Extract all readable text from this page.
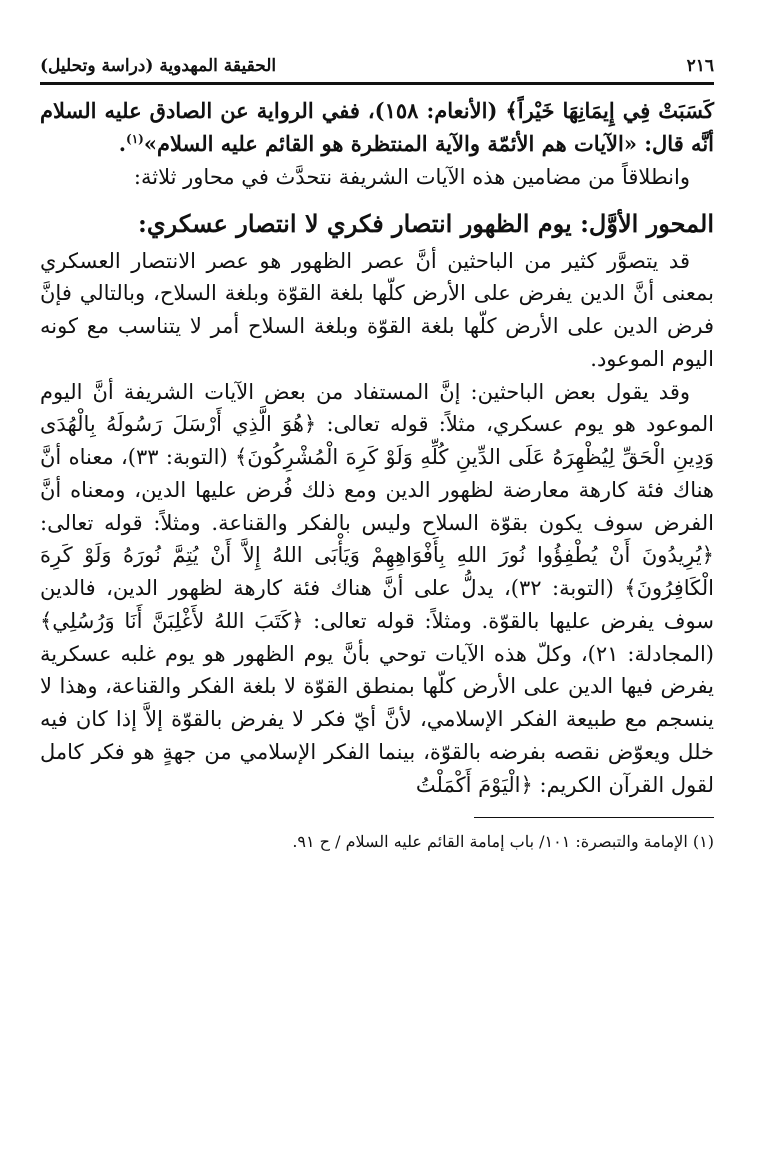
٢١٦
الحقيقة المهدوية (دراسة وتحليل)

كَسَبَتْ فِي إِيمَانِهَا خَيْراً﴾ (الأنعام: ١٥٨)، ففي الرواية عن الصادق عليه السلام أنَّه قال: «الآيات هم الأئمّة والآية المنتظرة هو القائم عليه السلام»$^{(١)}$.

وانطلاقاً من مضامين هذه الآيات الشريفة نتحدَّث في محاور ثلاثة:

المحور الأوَّل: يوم الظهور انتصار فكري لا انتصار عسكري:

قد يتصوَّر كثير من الباحثين أنَّ عصر الظهور هو عصر الانتصار العسكري بمعنى أنَّ الدين يفرض على الأرض كلّها بلغة القوّة وبلغة السلاح، وبالتالي فإنَّ فرض الدين على الأرض كلّها بلغة القوّة وبلغة السلاح أمر لا يتناسب مع كونه اليوم الموعود.

وقد يقول بعض الباحثين: إنَّ المستفاد من بعض الآيات الشريفة أنَّ اليوم الموعود هو يوم عسكري، مثلاً: قوله تعالى: ﴿هُوَ الَّذِي أَرْسَلَ رَسُولَهُ بِالْهُدَى وَدِينِ الْحَقِّ لِيُظْهِرَهُ عَلَى الدِّينِ كُلِّهِ وَلَوْ كَرِهَ الْمُشْرِكُونَ﴾ (التوبة: ٣٣)، معناه أنَّ هناك فئة كارهة معارضة لظهور الدين ومع ذلك فُرض عليها الدين، ومعناه أنَّ الفرض سوف يكون بقوّة السلاح وليس بالفكر والقناعة. ومثلاً: قوله تعالى: ﴿يُرِيدُونَ أَنْ يُطْفِؤُوا نُورَ اللهِ بِأَفْوَاهِهِمْ وَيَأْبَى اللهُ إِلاَّ أَنْ يُتِمَّ نُورَهُ وَلَوْ كَرِهَ الْكَافِرُونَ﴾ (التوبة: ٣٢)، يدلُّ على أنَّ هناك فئة كارهة لظهور الدين، فالدين سوف يفرض عليها بالقوّة. ومثلاً: قوله تعالى: ﴿كَتَبَ اللهُ لأَغْلِبَنَّ أَنَا وَرُسُلِي﴾ (المجادلة: ٢١)، وكلّ هذه الآيات توحي بأنَّ يوم الظهور هو يوم غلبه عسكرية يفرض فيها الدين على الأرض كلّها بمنطق القوّة لا بلغة الفكر والقناعة، وهذا لا ينسجم مع طبيعة الفكر الإسلامي، لأنَّ أيّ فكر لا يفرض بالقوّة إلاَّ إذا كان فيه خلل ويعوّض نقصه بفرضه بالقوّة، بينما الفكر الإسلامي من جهةٍ هو فكر كامل لقول القرآن الكريم: ﴿الْيَوْمَ أَكْمَلْتُ

(١) الإمامة والتبصرة: ١٠١/ باب إمامة القائم عليه السلام / ح ٩١.
